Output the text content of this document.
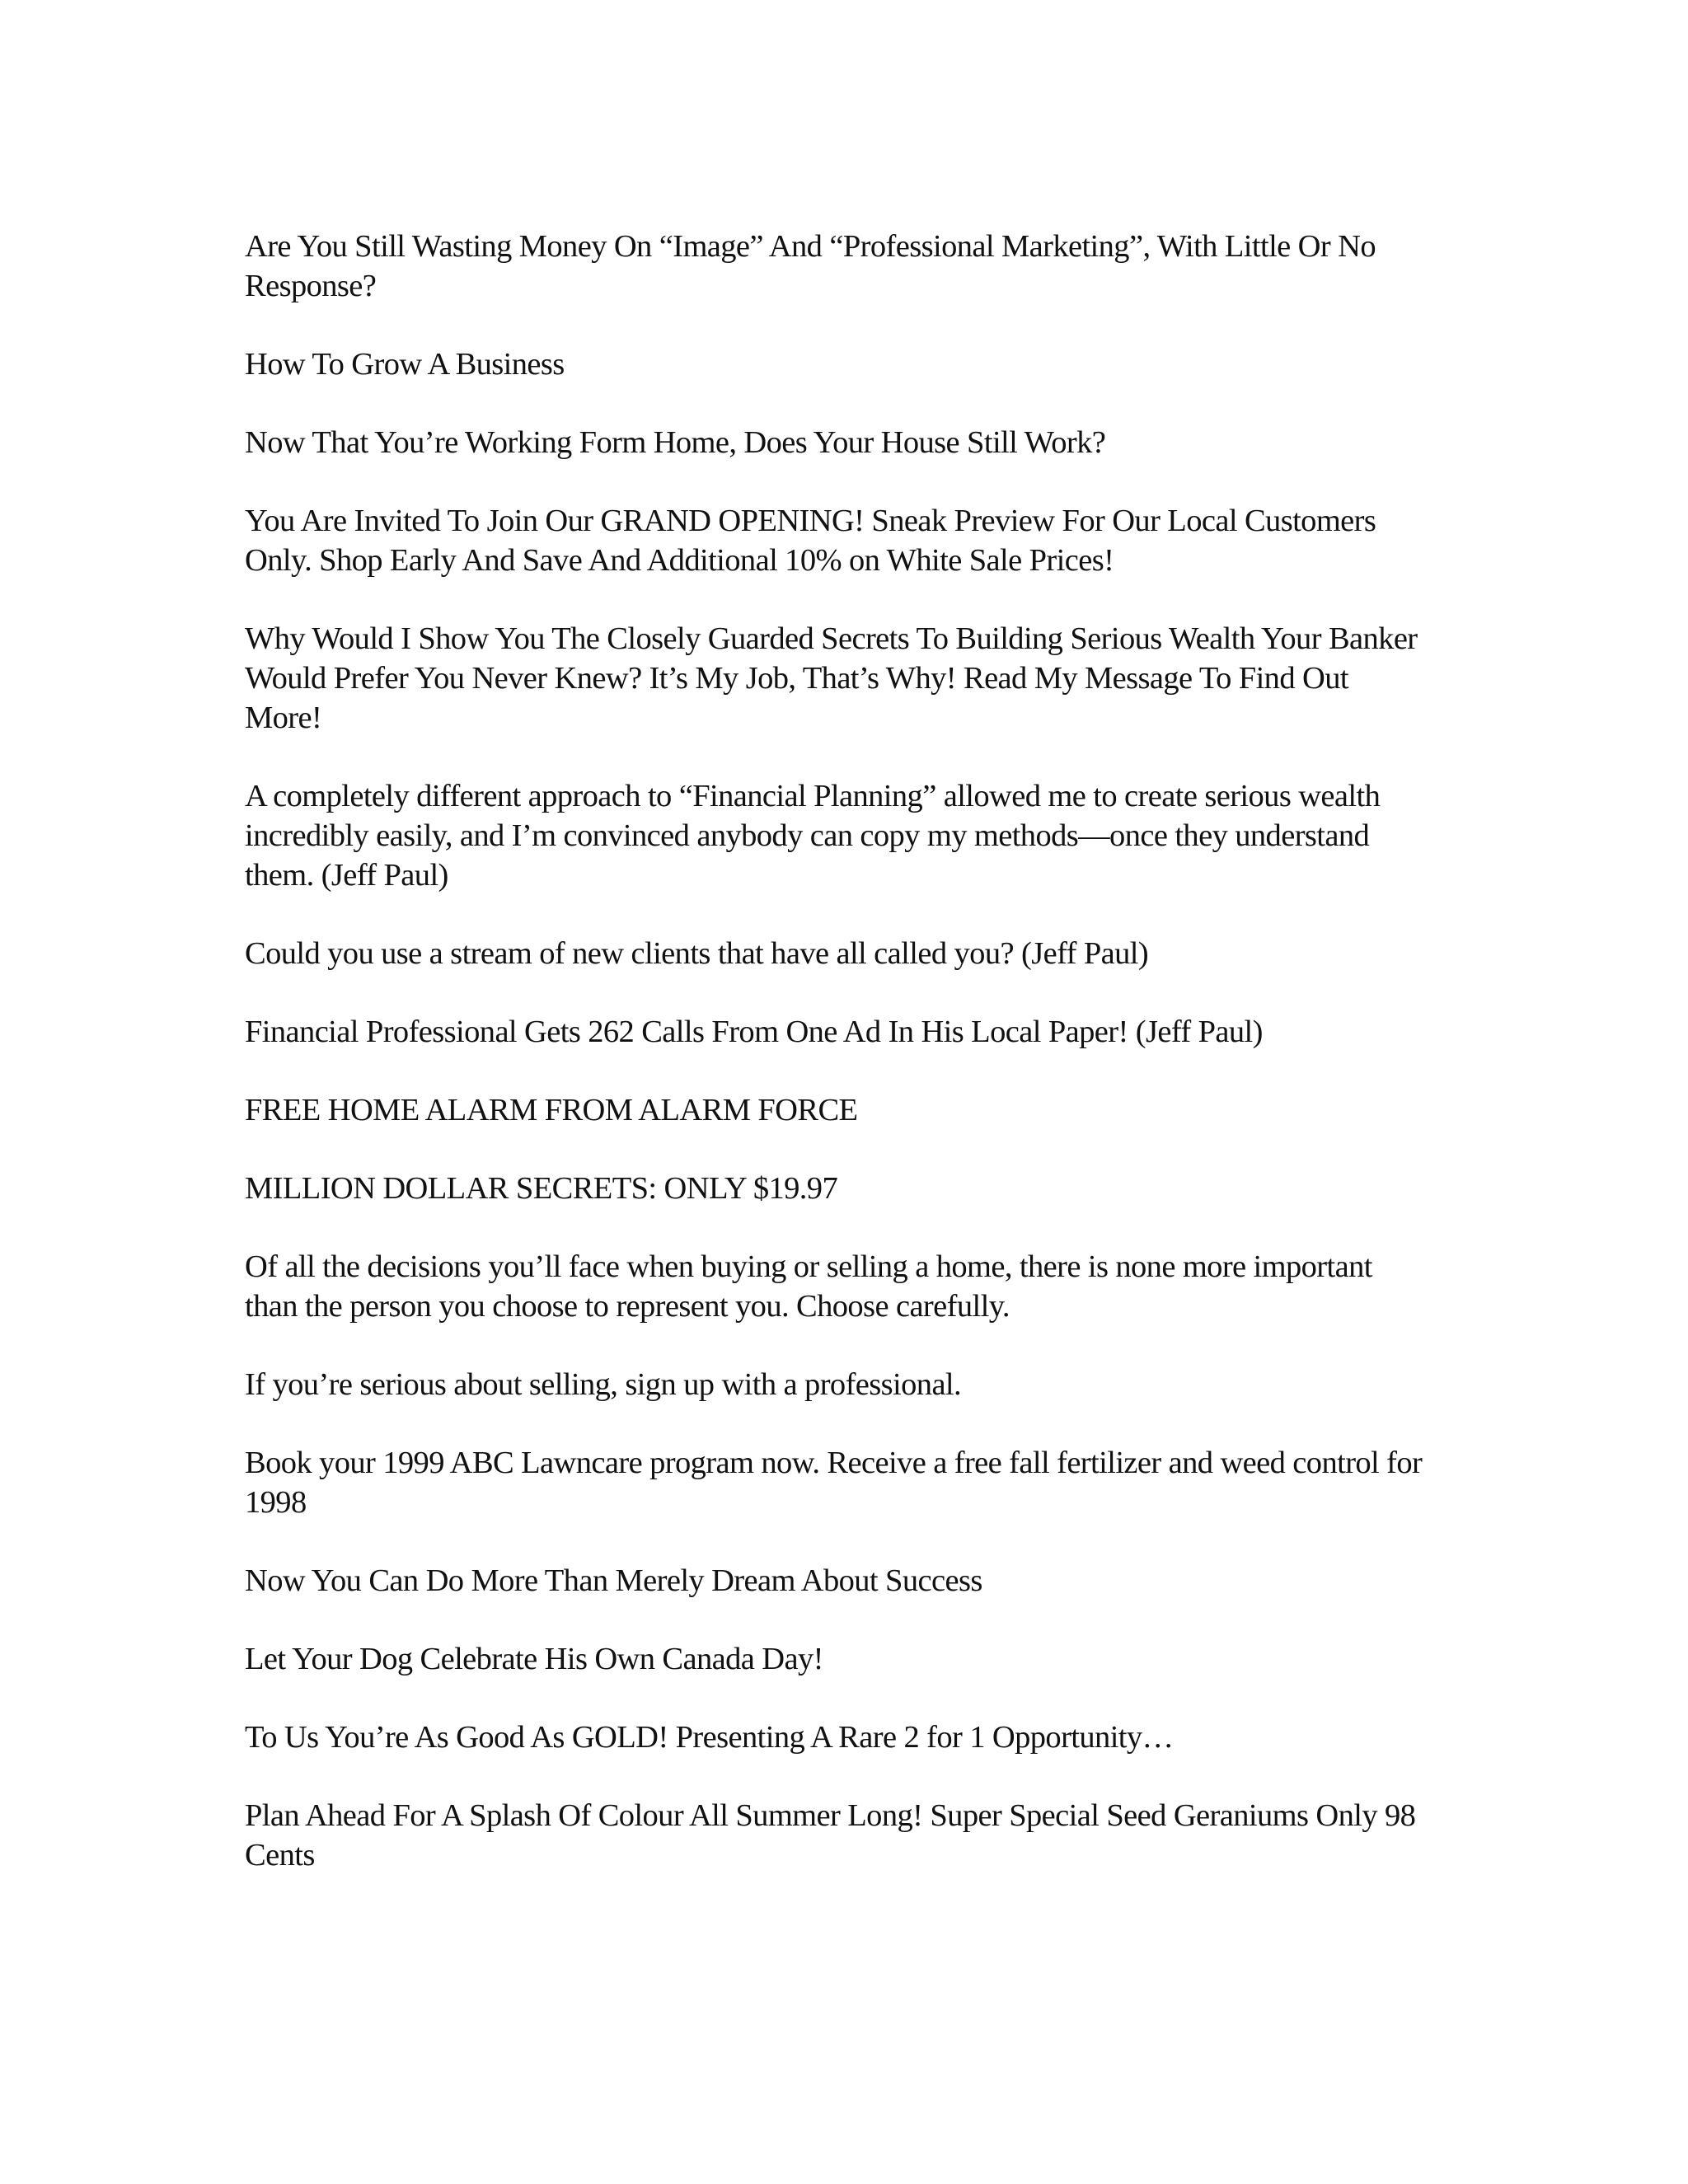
Are You Still Wasting Money On “Image” And “Professional Marketing”, With Little Or No Response?

How To Grow A Business

Now That You’re Working Form Home, Does Your House Still Work?

You Are Invited To Join Our GRAND OPENING! Sneak Preview For Our Local Customers Only. Shop Early And Save And Additional 10% on White Sale Prices!

Why Would I Show You The Closely Guarded Secrets To Building Serious Wealth Your Banker Would Prefer You Never Knew? It’s My Job, That’s Why! Read My Message To Find Out More!

A completely different approach to “Financial Planning” allowed me to create serious wealth incredibly easily, and I’m convinced anybody can copy my methods—once they understand them. (Jeff Paul)

Could you use a stream of new clients that have all called you? (Jeff Paul)

Financial Professional Gets 262 Calls From One Ad In His Local Paper! (Jeff Paul)

FREE HOME ALARM FROM ALARM FORCE

MILLION DOLLAR SECRETS: ONLY $19.97

Of all the decisions you’ll face when buying or selling a home, there is none more important than the person you choose to represent you. Choose carefully.

If you’re serious about selling, sign up with a professional.

Book your 1999 ABC Lawncare program now. Receive a free fall fertilizer and weed control for 1998

Now You Can Do More Than Merely Dream About Success

Let Your Dog Celebrate His Own Canada Day!

To Us You’re As Good As GOLD! Presenting A Rare 2 for 1 Opportunity…

Plan Ahead For A Splash Of Colour All Summer Long! Super Special Seed Geraniums Only 98 Cents
